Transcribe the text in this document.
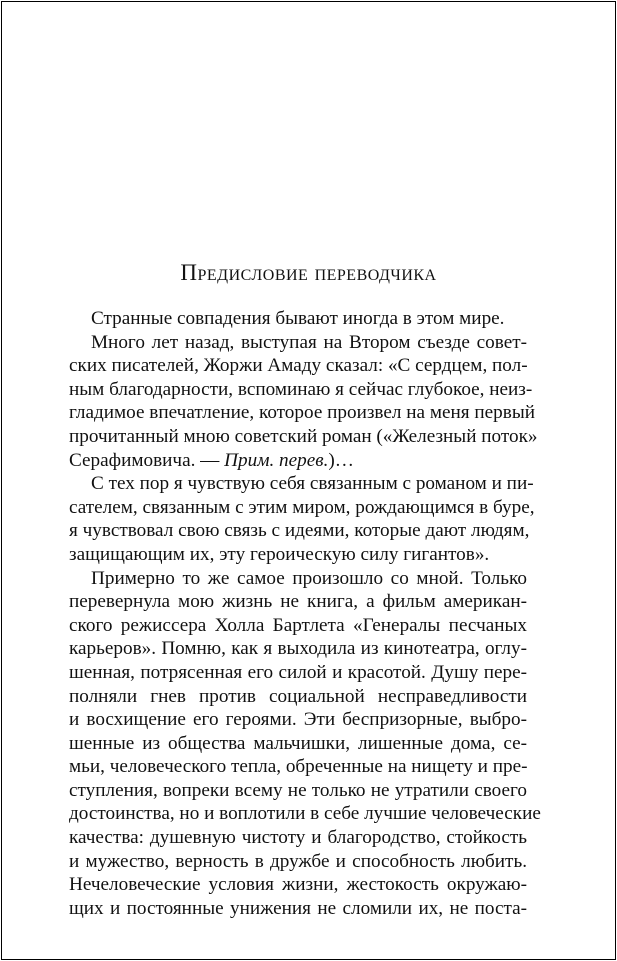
Предисловие переводчика
Странные совпадения бывают иногда в этом мире.
Много лет назад, выступая на Втором съезде совет-
ских писателей, Жоржи Амаду сказал: «С сердцем, пол-
ным благодарности, вспоминаю я сейчас глубокое, неиз-
гладимое впечатление, которое произвел на меня первый
прочитанный мною советский роман («Железный поток»
Серафимовича. — Прим. перев.)…
С тех пор я чувствую себя связанным с романом и пи-
сателем, связанным с этим миром, рождающимся в буре,
я чувствовал свою связь с идеями, которые дают людям,
защищающим их, эту героическую силу гигантов».
Примерно то же самое произошло со мной. Только
перевернула мою жизнь не книга, а фильм американ-
ского режиссера Холла Бартлета «Генералы песчаных
карьеров». Помню, как я выходила из кинотеатра, оглу-
шенная, потрясенная его силой и красотой. Душу пере-
полняли гнев против социальной несправедливости
и восхищение его героями. Эти беспризорные, выбро-
шенные из общества мальчишки, лишенные дома, се-
мьи, человеческого тепла, обреченные на нищету и пре-
ступления, вопреки всему не только не утратили своего
достоинства, но и воплотили в себе лучшие человеческие
качества: душевную чистоту и благородство, стойкость
и мужество, верность в дружбе и способность любить.
Нечеловеческие условия жизни, жестокость окружаю-
щих и постоянные унижения не сломили их, не поста-
